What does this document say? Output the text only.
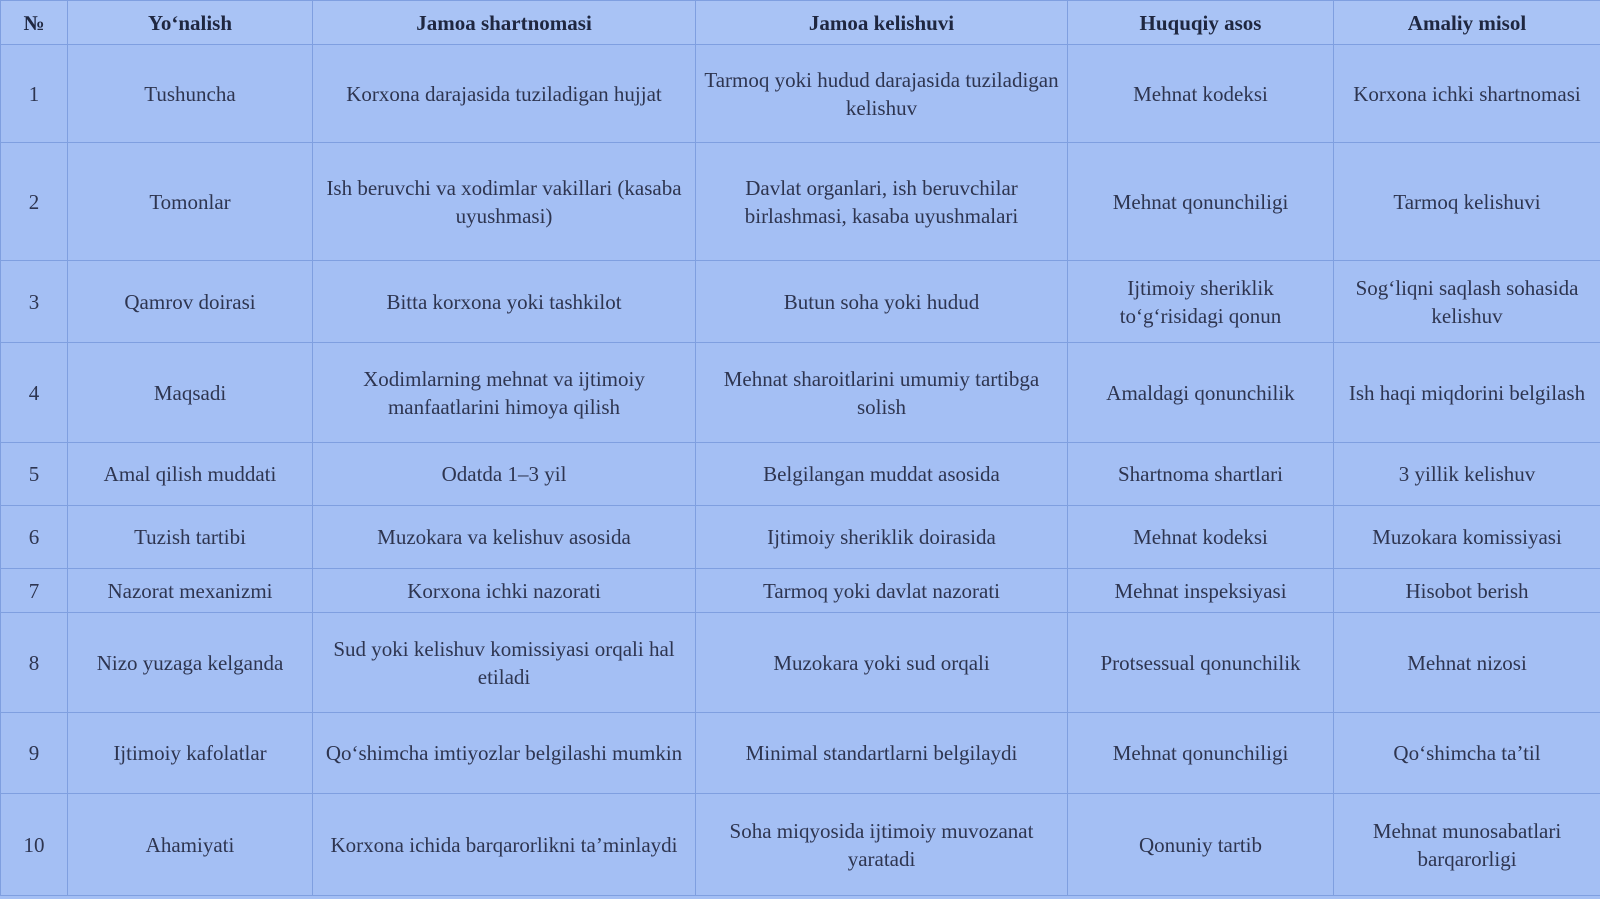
№	Yo‘nalish	Jamoa shartnomasi	Jamoa kelishuvi	Huquqiy asos	Amaliy misol
1	Tushuncha	Korxona darajasida tuziladigan hujjat	Tarmoq yoki hudud darajasida tuziladigan kelishuv	Mehnat kodeksi	Korxona ichki shartnomasi
2	Tomonlar	Ish beruvchi va xodimlar vakillari (kasaba uyushmasi)	Davlat organlari, ish beruvchilar birlashmasi, kasaba uyushmalari	Mehnat qonunchiligi	Tarmoq kelishuvi
3	Qamrov doirasi	Bitta korxona yoki tashkilot	Butun soha yoki hudud	Ijtimoiy sheriklik to‘g‘risidagi qonun	Sog‘liqni saqlash sohasida kelishuv
4	Maqsadi	Xodimlarning mehnat va ijtimoiy manfaatlarini himoya qilish	Mehnat sharoitlarini umumiy tartibga solish	Amaldagi qonunchilik	Ish haqi miqdorini belgilash
5	Amal qilish muddati	Odatda 1–3 yil	Belgilangan muddat asosida	Shartnoma shartlari	3 yillik kelishuv
6	Tuzish tartibi	Muzokara va kelishuv asosida	Ijtimoiy sheriklik doirasida	Mehnat kodeksi	Muzokara komissiyasi
7	Nazorat mexanizmi	Korxona ichki nazorati	Tarmoq yoki davlat nazorati	Mehnat inspeksiyasi	Hisobot berish
8	Nizo yuzaga kelganda	Sud yoki kelishuv komissiyasi orqali hal etiladi	Muzokara yoki sud orqali	Protsessual qonunchilik	Mehnat nizosi
9	Ijtimoiy kafolatlar	Qo‘shimcha imtiyozlar belgilashi mumkin	Minimal standartlarni belgilaydi	Mehnat qonunchiligi	Qo‘shimcha ta’til
10	Ahamiyati	Korxona ichida barqarorlikni ta’minlaydi	Soha miqyosida ijtimoiy muvozanat yaratadi	Qonuniy tartib	Mehnat munosabatlari barqarorligi
